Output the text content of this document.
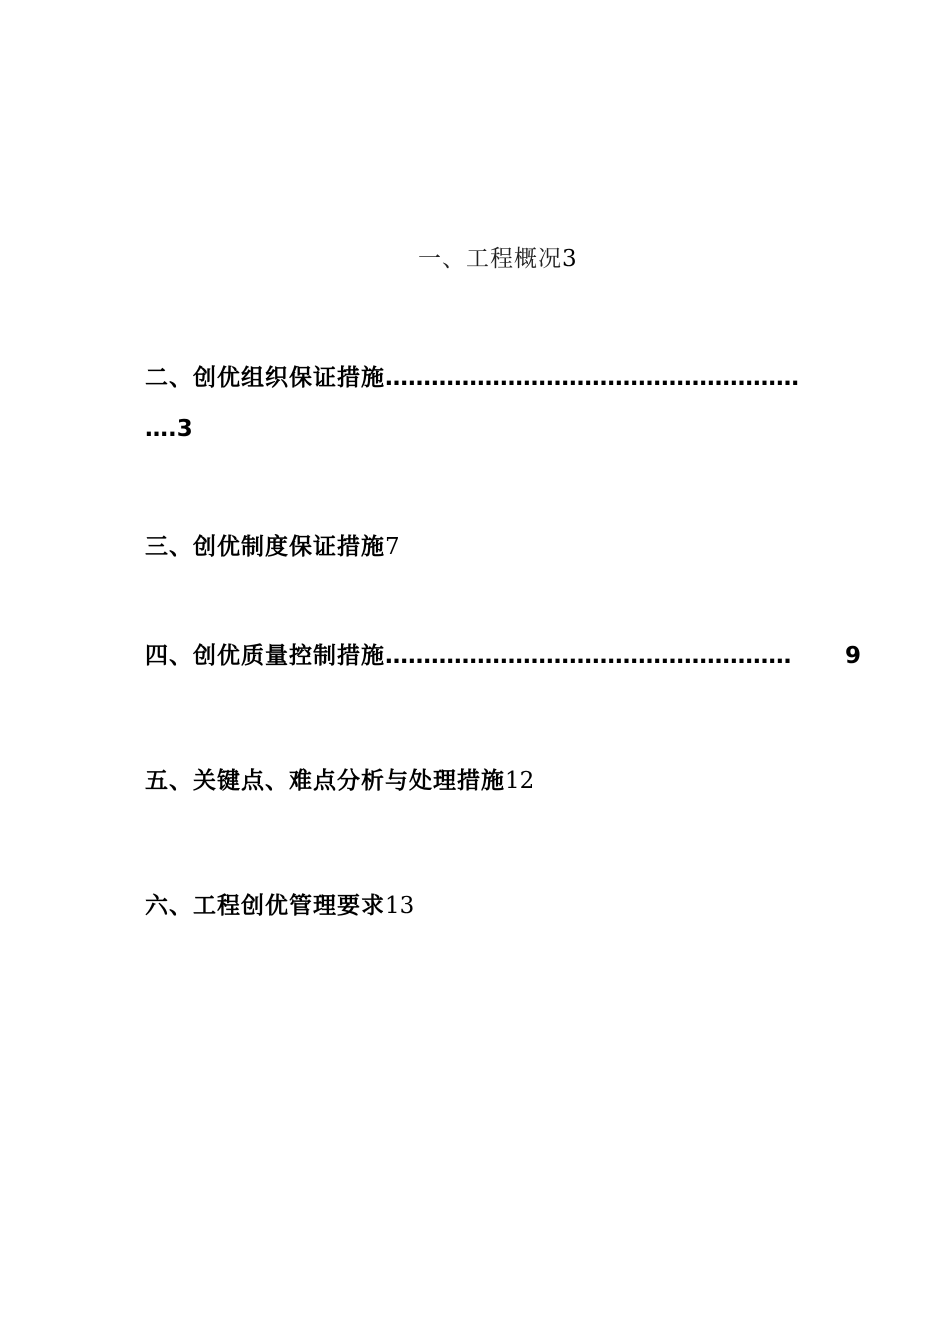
一、工程概况3
二、创优组织保证措施………………………………………………
….3
三、创优制度保证措施7
四、创优质量控制措施……………………………………………‥ 9
五、关键点、难点分析与处理措施12
六、工程创优管理要求13
